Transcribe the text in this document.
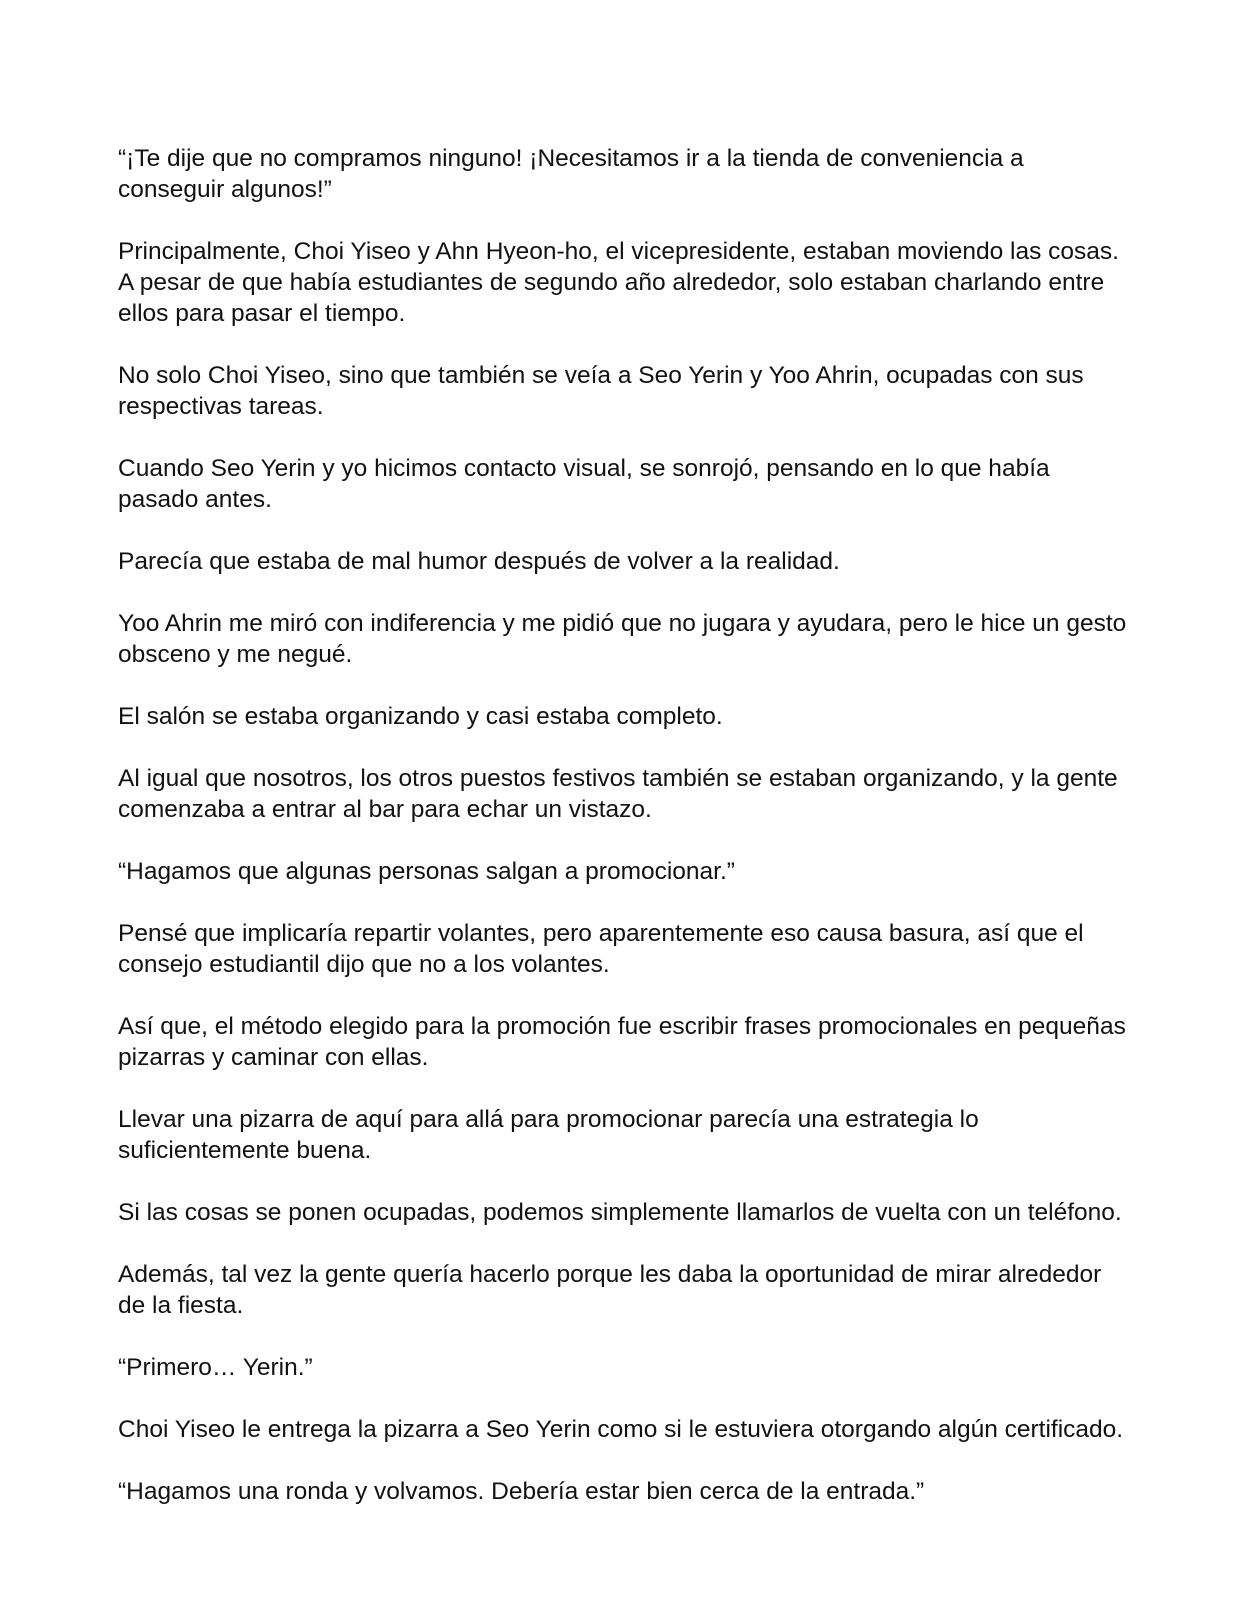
“¡Te dije que no compramos ninguno! ¡Necesitamos ir a la tienda de conveniencia a conseguir algunos!”

Principalmente, Choi Yiseo y Ahn Hyeon-ho, el vicepresidente, estaban moviendo las cosas. A pesar de que había estudiantes de segundo año alrededor, solo estaban charlando entre ellos para pasar el tiempo.

No solo Choi Yiseo, sino que también se veía a Seo Yerin y Yoo Ahrin, ocupadas con sus respectivas tareas.

Cuando Seo Yerin y yo hicimos contacto visual, se sonrojó, pensando en lo que había pasado antes.

Parecía que estaba de mal humor después de volver a la realidad.

Yoo Ahrin me miró con indiferencia y me pidió que no jugara y ayudara, pero le hice un gesto obsceno y me negué.

El salón se estaba organizando y casi estaba completo.

Al igual que nosotros, los otros puestos festivos también se estaban organizando, y la gente comenzaba a entrar al bar para echar un vistazo.

“Hagamos que algunas personas salgan a promocionar.”

Pensé que implicaría repartir volantes, pero aparentemente eso causa basura, así que el consejo estudiantil dijo que no a los volantes.

Así que, el método elegido para la promoción fue escribir frases promocionales en pequeñas pizarras y caminar con ellas.

Llevar una pizarra de aquí para allá para promocionar parecía una estrategia lo suficientemente buena.

Si las cosas se ponen ocupadas, podemos simplemente llamarlos de vuelta con un teléfono.

Además, tal vez la gente quería hacerlo porque les daba la oportunidad de mirar alrededor de la fiesta.

“Primero… Yerin.”

Choi Yiseo le entrega la pizarra a Seo Yerin como si le estuviera otorgando algún certificado.

“Hagamos una ronda y volvamos. Debería estar bien cerca de la entrada.”
